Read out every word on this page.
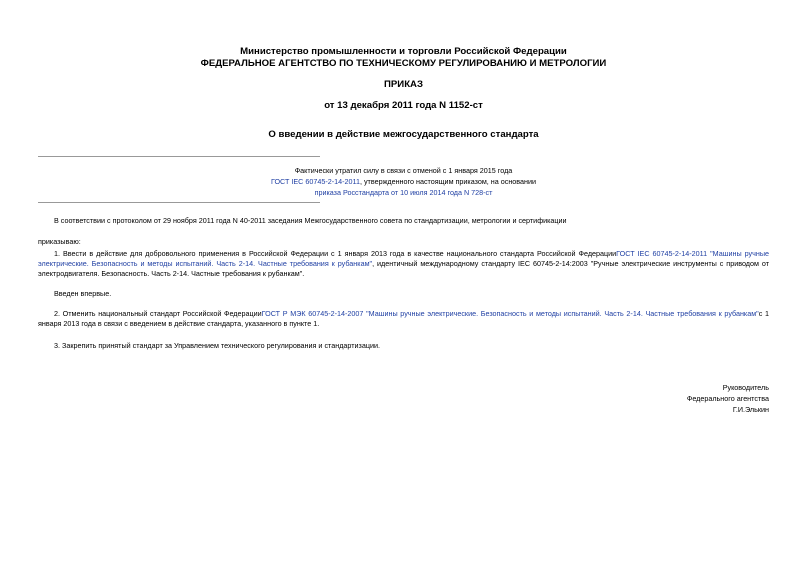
Министерство промышленности и торговли Российской Федерации
ФЕДЕРАЛЬНОЕ АГЕНТСТВО ПО ТЕХНИЧЕСКОМУ РЕГУЛИРОВАНИЮ И МЕТРОЛОГИИ
ПРИКАЗ
от 13 декабря 2011 года N 1152-ст
О введении в действие межгосударственного стандарта
Фактически утратил силу в связи с отменой с 1 января 2015 года
ГОСТ IEC 60745-2-14-2011, утвержденного настоящим приказом, на основании
приказа Росстандарта от 10 июля 2014 года N 728-ст
В соответствии с протоколом от 29 ноября 2011 года N 40-2011 заседания Межгосударственного совета по стандартизации, метрологии и сертификации
приказываю:
1. Ввести в действие для добровольного применения в Российской Федерации с 1 января 2013 года в качестве национального стандарта Российской ФедерацииГОСТ IEC 60745-2-14-2011 "Машины ручные электрические. Безопасность и методы испытаний. Часть 2-14. Частные требования к рубанкам", идентичный международному стандарту IEC 60745-2-14:2003 "Ручные электрические инструменты с приводом от электродвигателя. Безопасность. Часть 2-14. Частные требования к рубанкам".
Введен впервые.
2. Отменить национальный стандарт Российской ФедерацииГОСТ Р МЭК 60745-2-14-2007 "Машины ручные электрические. Безопасность и методы испытаний. Часть 2-14. Частные требования к рубанкам"с 1 января 2013 года в связи с введением в действие стандарта, указанного в пункте 1.
3. Закрепить принятый стандарт за Управлением технического регулирования и стандартизации.
Руководитель
Федерального агентства
Г.И.Элькин
